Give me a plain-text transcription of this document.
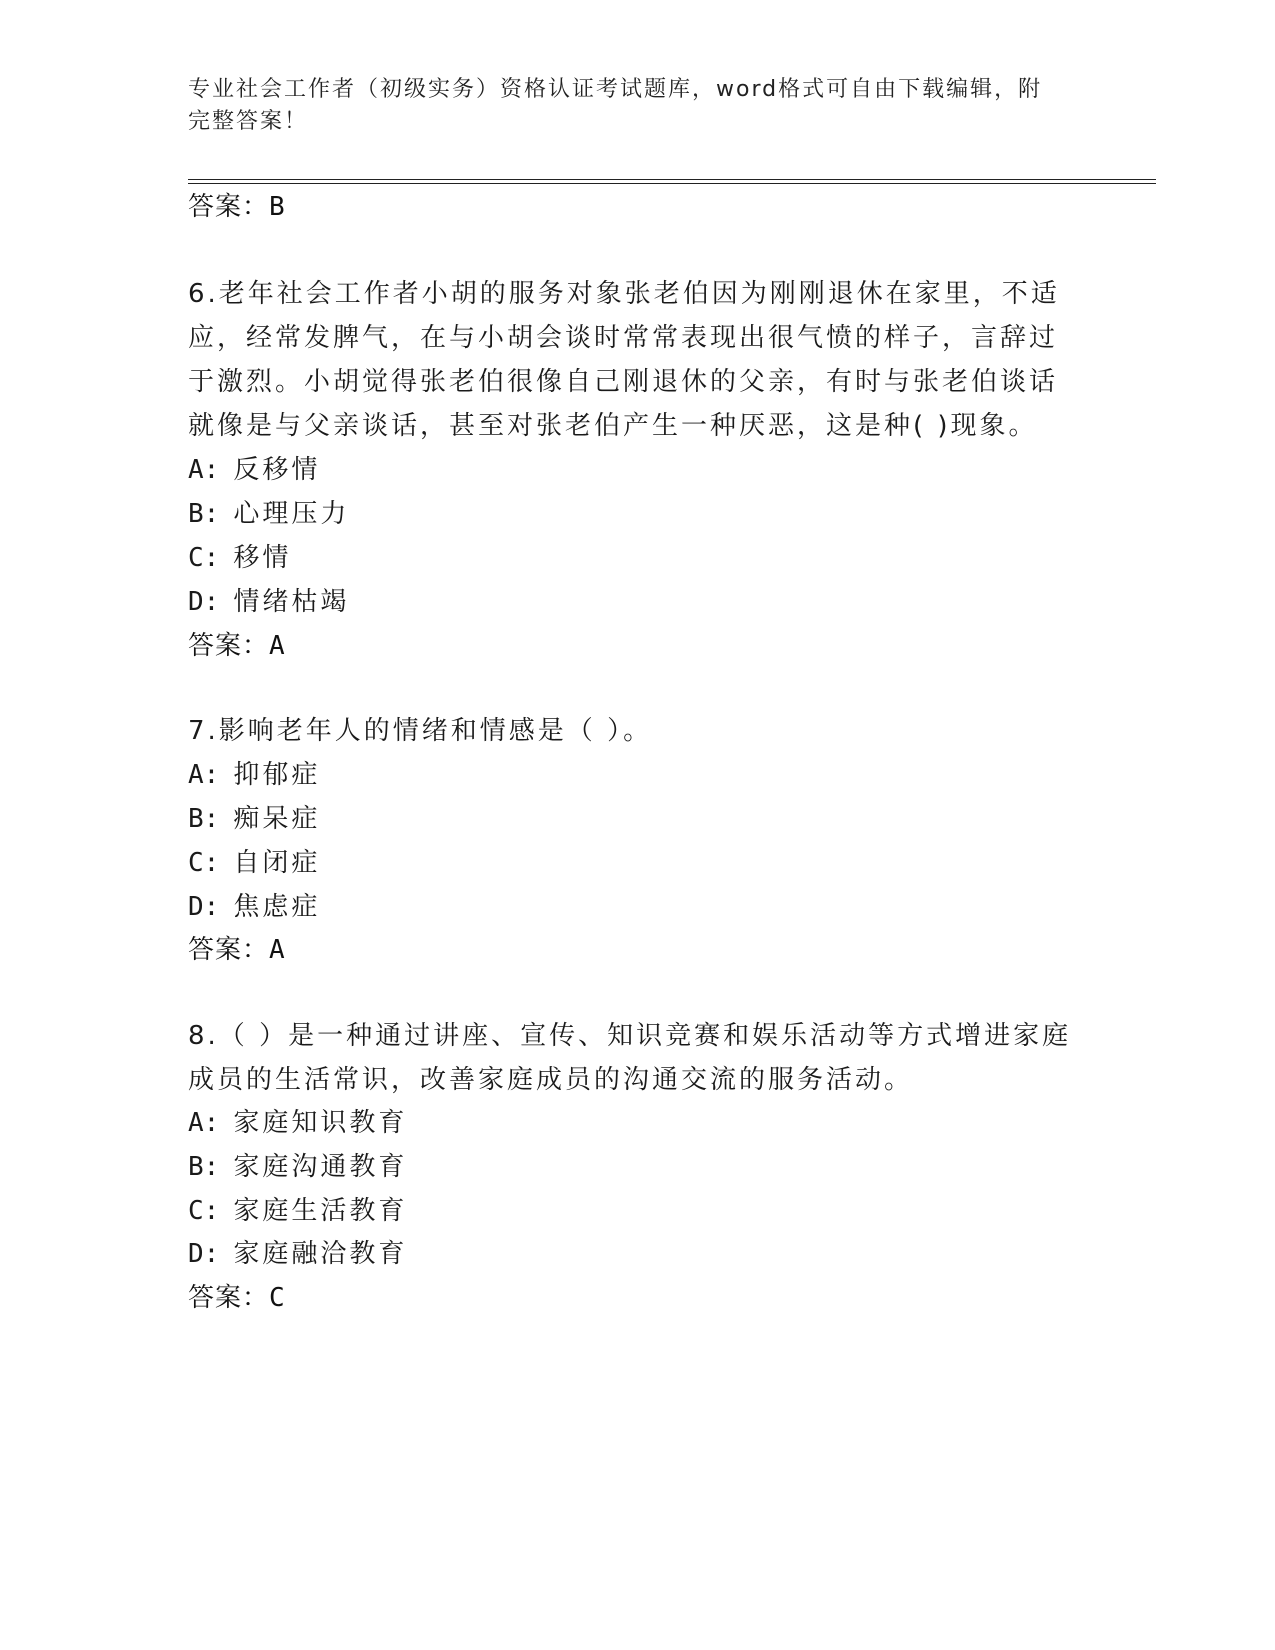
专业社会工作者（初级实务）资格认证考试题库，word格式可自由下载编辑，附
完整答案！
答案：B
6.老年社会工作者小胡的服务对象张老伯因为刚刚退休在家里，不适
应，经常发脾气，在与小胡会谈时常常表现出很气愤的样子，言辞过
于激烈。小胡觉得张老伯很像自己刚退休的父亲，有时与张老伯谈话
就像是与父亲谈话，甚至对张老伯产生一种厌恶，这是种( )现象。
A: 反移情
B: 心理压力
C: 移情
D: 情绪枯竭
答案：A
7.影响老年人的情绪和情感是（ ）。
A: 抑郁症
B: 痴呆症
C: 自闭症
D: 焦虑症
答案：A
8.（ ）是一种通过讲座、宣传、知识竞赛和娱乐活动等方式增进家庭
成员的生活常识，改善家庭成员的沟通交流的服务活动。
A: 家庭知识教育
B: 家庭沟通教育
C: 家庭生活教育
D: 家庭融洽教育
答案：C
